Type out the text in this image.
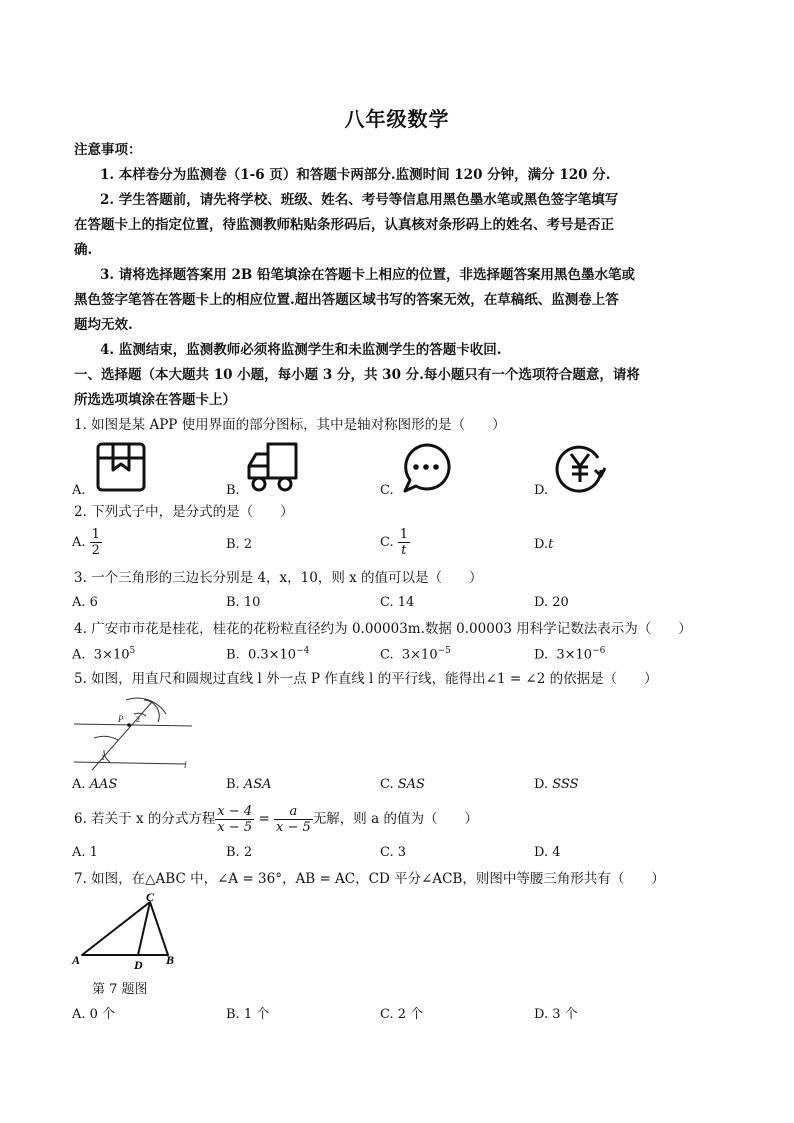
八年级数学
注意事项：
1. 本样卷分为监测卷（1-6 页）和答题卡两部分.监测时间 120 分钟，满分 120 分.
2. 学生答题前，请先将学校、班级、姓名、考号等信息用黑色墨水笔或黑色签字笔填写
在答题卡上的指定位置，待监测教师粘贴条形码后，认真核对条形码上的姓名、考号是否正
确.
3. 请将选择题答案用 2B 铅笔填涂在答题卡上相应的位置，非选择题答案用黑色墨水笔或
黑色签字笔答在答题卡上的相应位置.超出答题区域书写的答案无效，在草稿纸、监测卷上答
题均无效.
4. 监测结束，监测教师必须将监测学生和未监测学生的答题卡收回.
一、选择题（本大题共 10 小题，每小题 3 分，共 30 分.每小题只有一个选项符合题意，请将
所选选项填涂在答题卡上）
1. 如图是某 APP 使用界面的部分图标，其中是轴对称图形的是（　　）
A.	B.	C.	D.
2. 下列式子中，是分式的是（　　）
A. $\frac{1}{2}$	B. 2	C. $\frac{1}{t}$	D.t
3. 一个三角形的三边长分别是 4，x，10，则 x 的值可以是（　　）
A. 6	B. 10	C. 14	D. 20
4. 广安市市花是桂花，桂花的花粉粒直径约为 0.00003m.数据 0.00003 用科学记数法表示为（　　）
A. $3\times 10^5$	B. $0.3\times 10^{-4}$	C. $3\times 10^{-5}$	D. $3\times 10^{-6}$
5. 如图，用直尺和圆规过直线 l 外一点 P 作直线 l 的平行线，能得出∠1 = ∠2 的依据是（　　）
P 2
1
l
A. AAS	B. ASA	C. SAS	D. SSS
6. 若关于 x 的分式方程 $\frac{x - 4}{x - 5} = \frac{a}{x - 5}$ 无解，则 a 的值为（　　）
A. 1	B. 2	C. 3	D. 4
7. 如图，在△ABC 中，∠A = 36°，AB = AC，CD 平分∠ACB，则图中等腰三角形共有（　　）
C
A	D B
第 7 题图
A. 0 个	B. 1 个	C. 2 个	D. 3 个
